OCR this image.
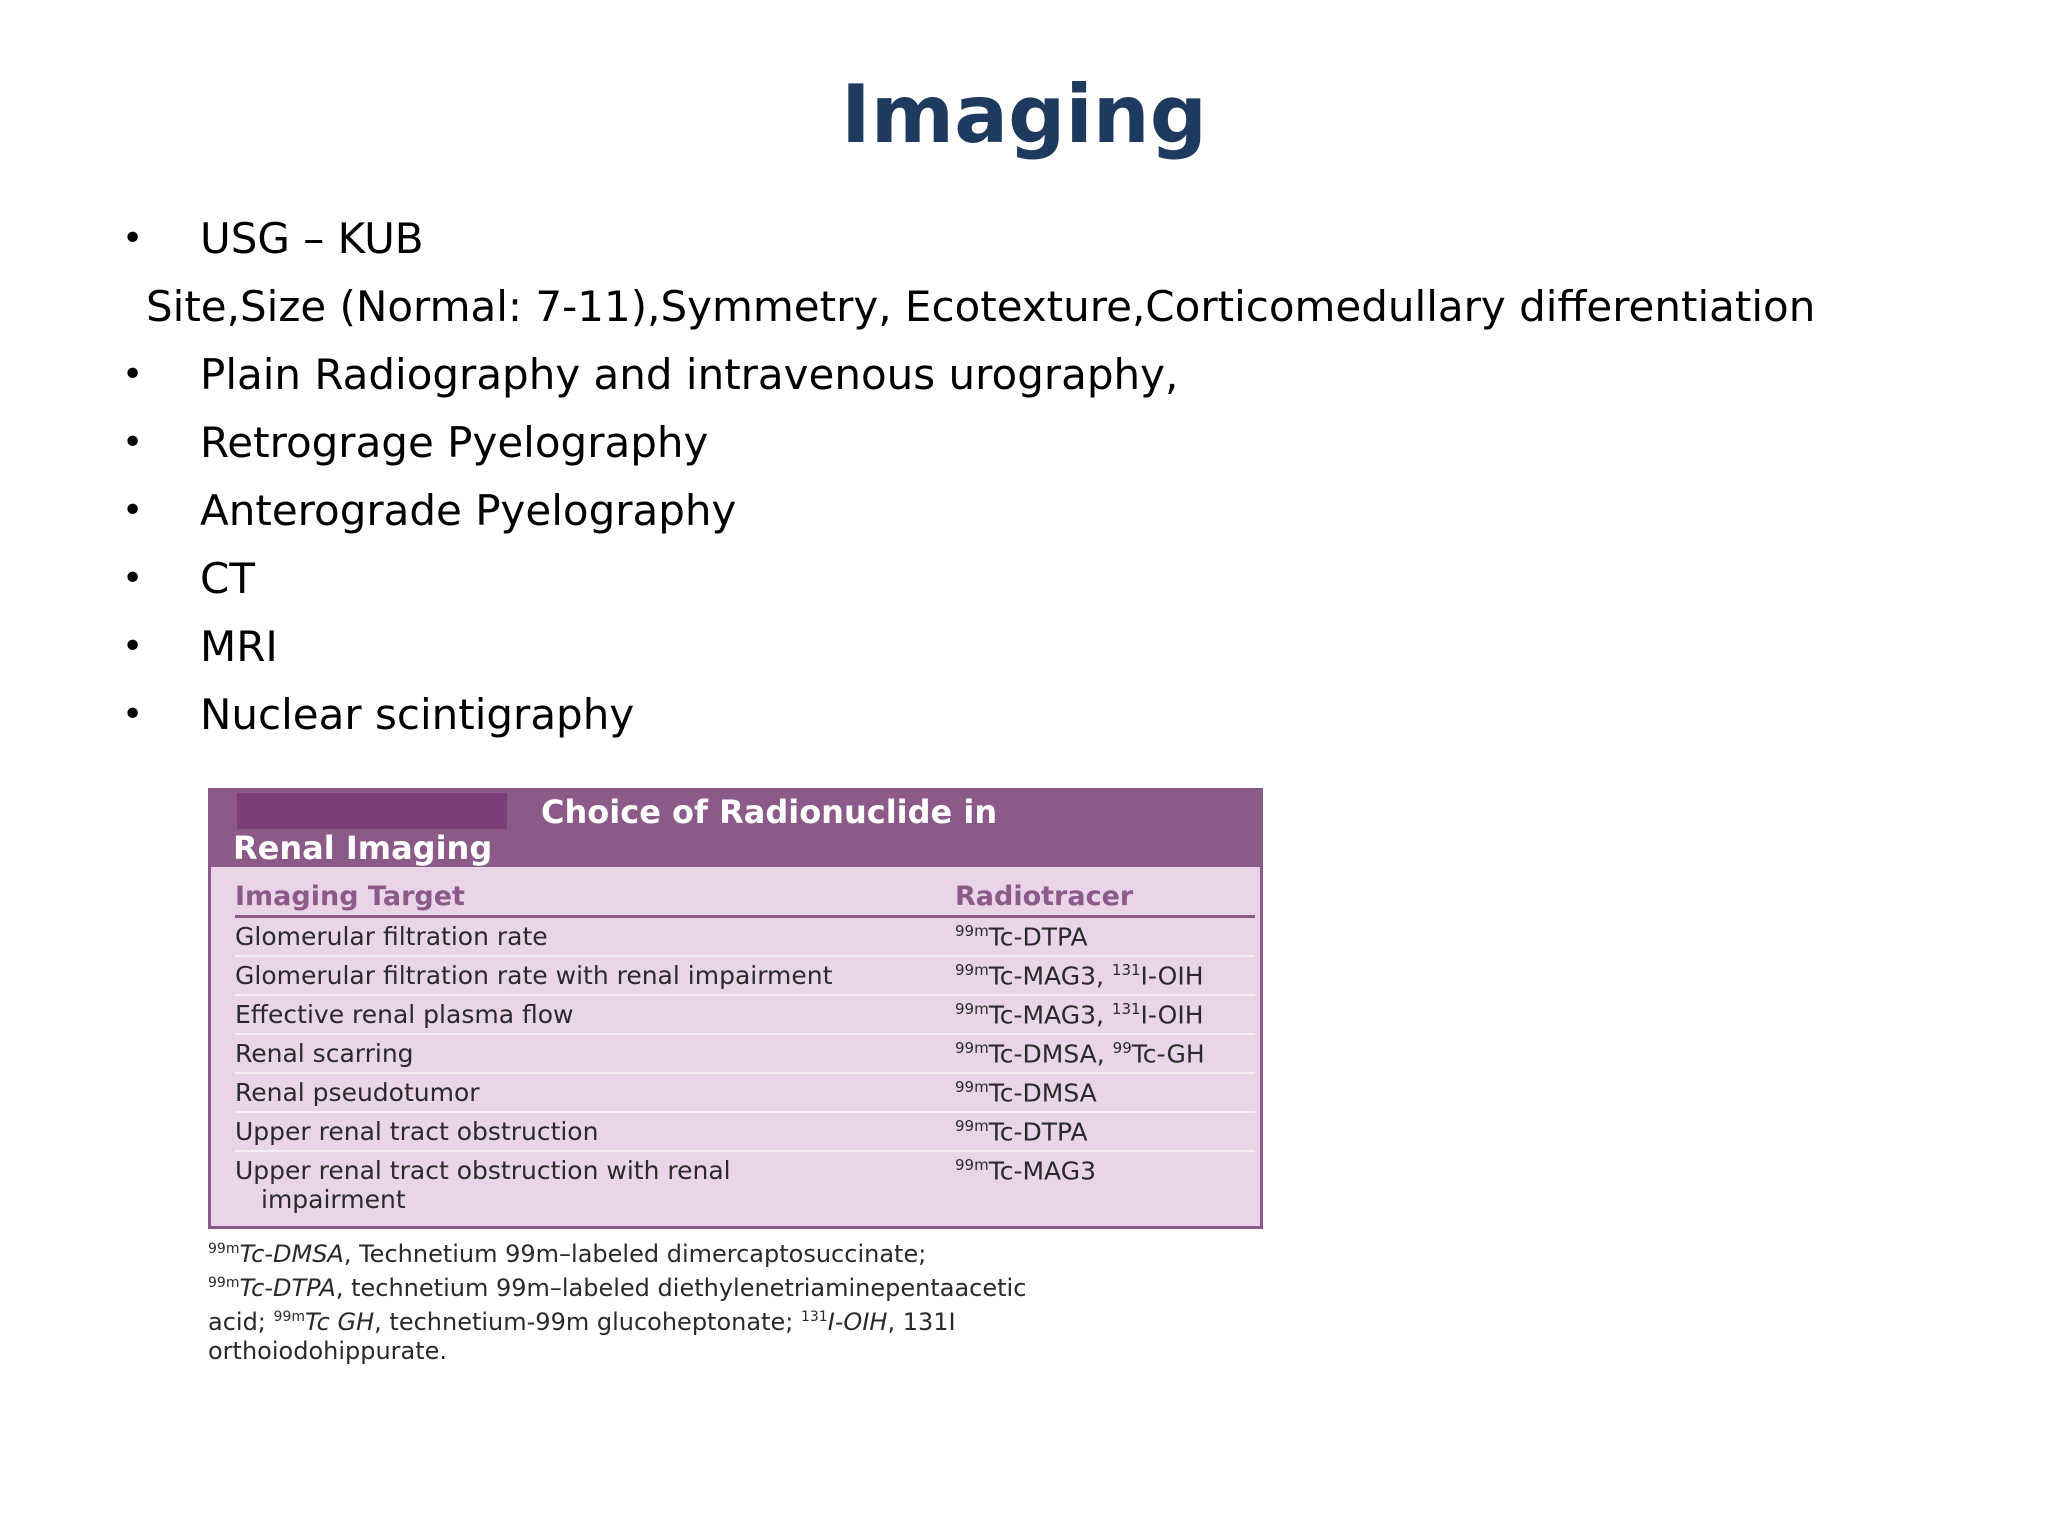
Imaging
• USG – KUB
Site,Size (Normal: 7-11),Symmetry, Ecotexture,Corticomedullary differentiation
• Plain Radiography and intravenous urography,
• Retrograge Pyelography
• Anterograde Pyelography
• CT
• MRI
• Nuclear scintigraphy
Choice of Radionuclide in
Renal Imaging
Imaging Target	Radiotracer
Glomerular filtration rate	$^{99m}$Tc-DTPA
Glomerular filtration rate with renal impairment	$^{99m}$Tc-MAG3, $^{131}$I-OIH
Effective renal plasma flow	$^{99m}$Tc-MAG3, $^{131}$I-OIH
Renal scarring	$^{99m}$Tc-DMSA, $^{99}$Tc-GH
Renal pseudotumor	$^{99m}$Tc-DMSA
Upper renal tract obstruction	$^{99m}$Tc-DTPA
Upper renal tract obstruction with renal
impairment	$^{99m}$Tc-MAG3
$^{99m}$Tc-DMSA, Technetium 99m–labeled dimercaptosuccinate;
$^{99m}$Tc-DTPA, technetium 99m–labeled diethylenetriaminepentaacetic
acid; $^{99m}$Tc GH, technetium-99m glucoheptonate; $^{131}$I-OIH, 131I
orthoiodohippurate.
